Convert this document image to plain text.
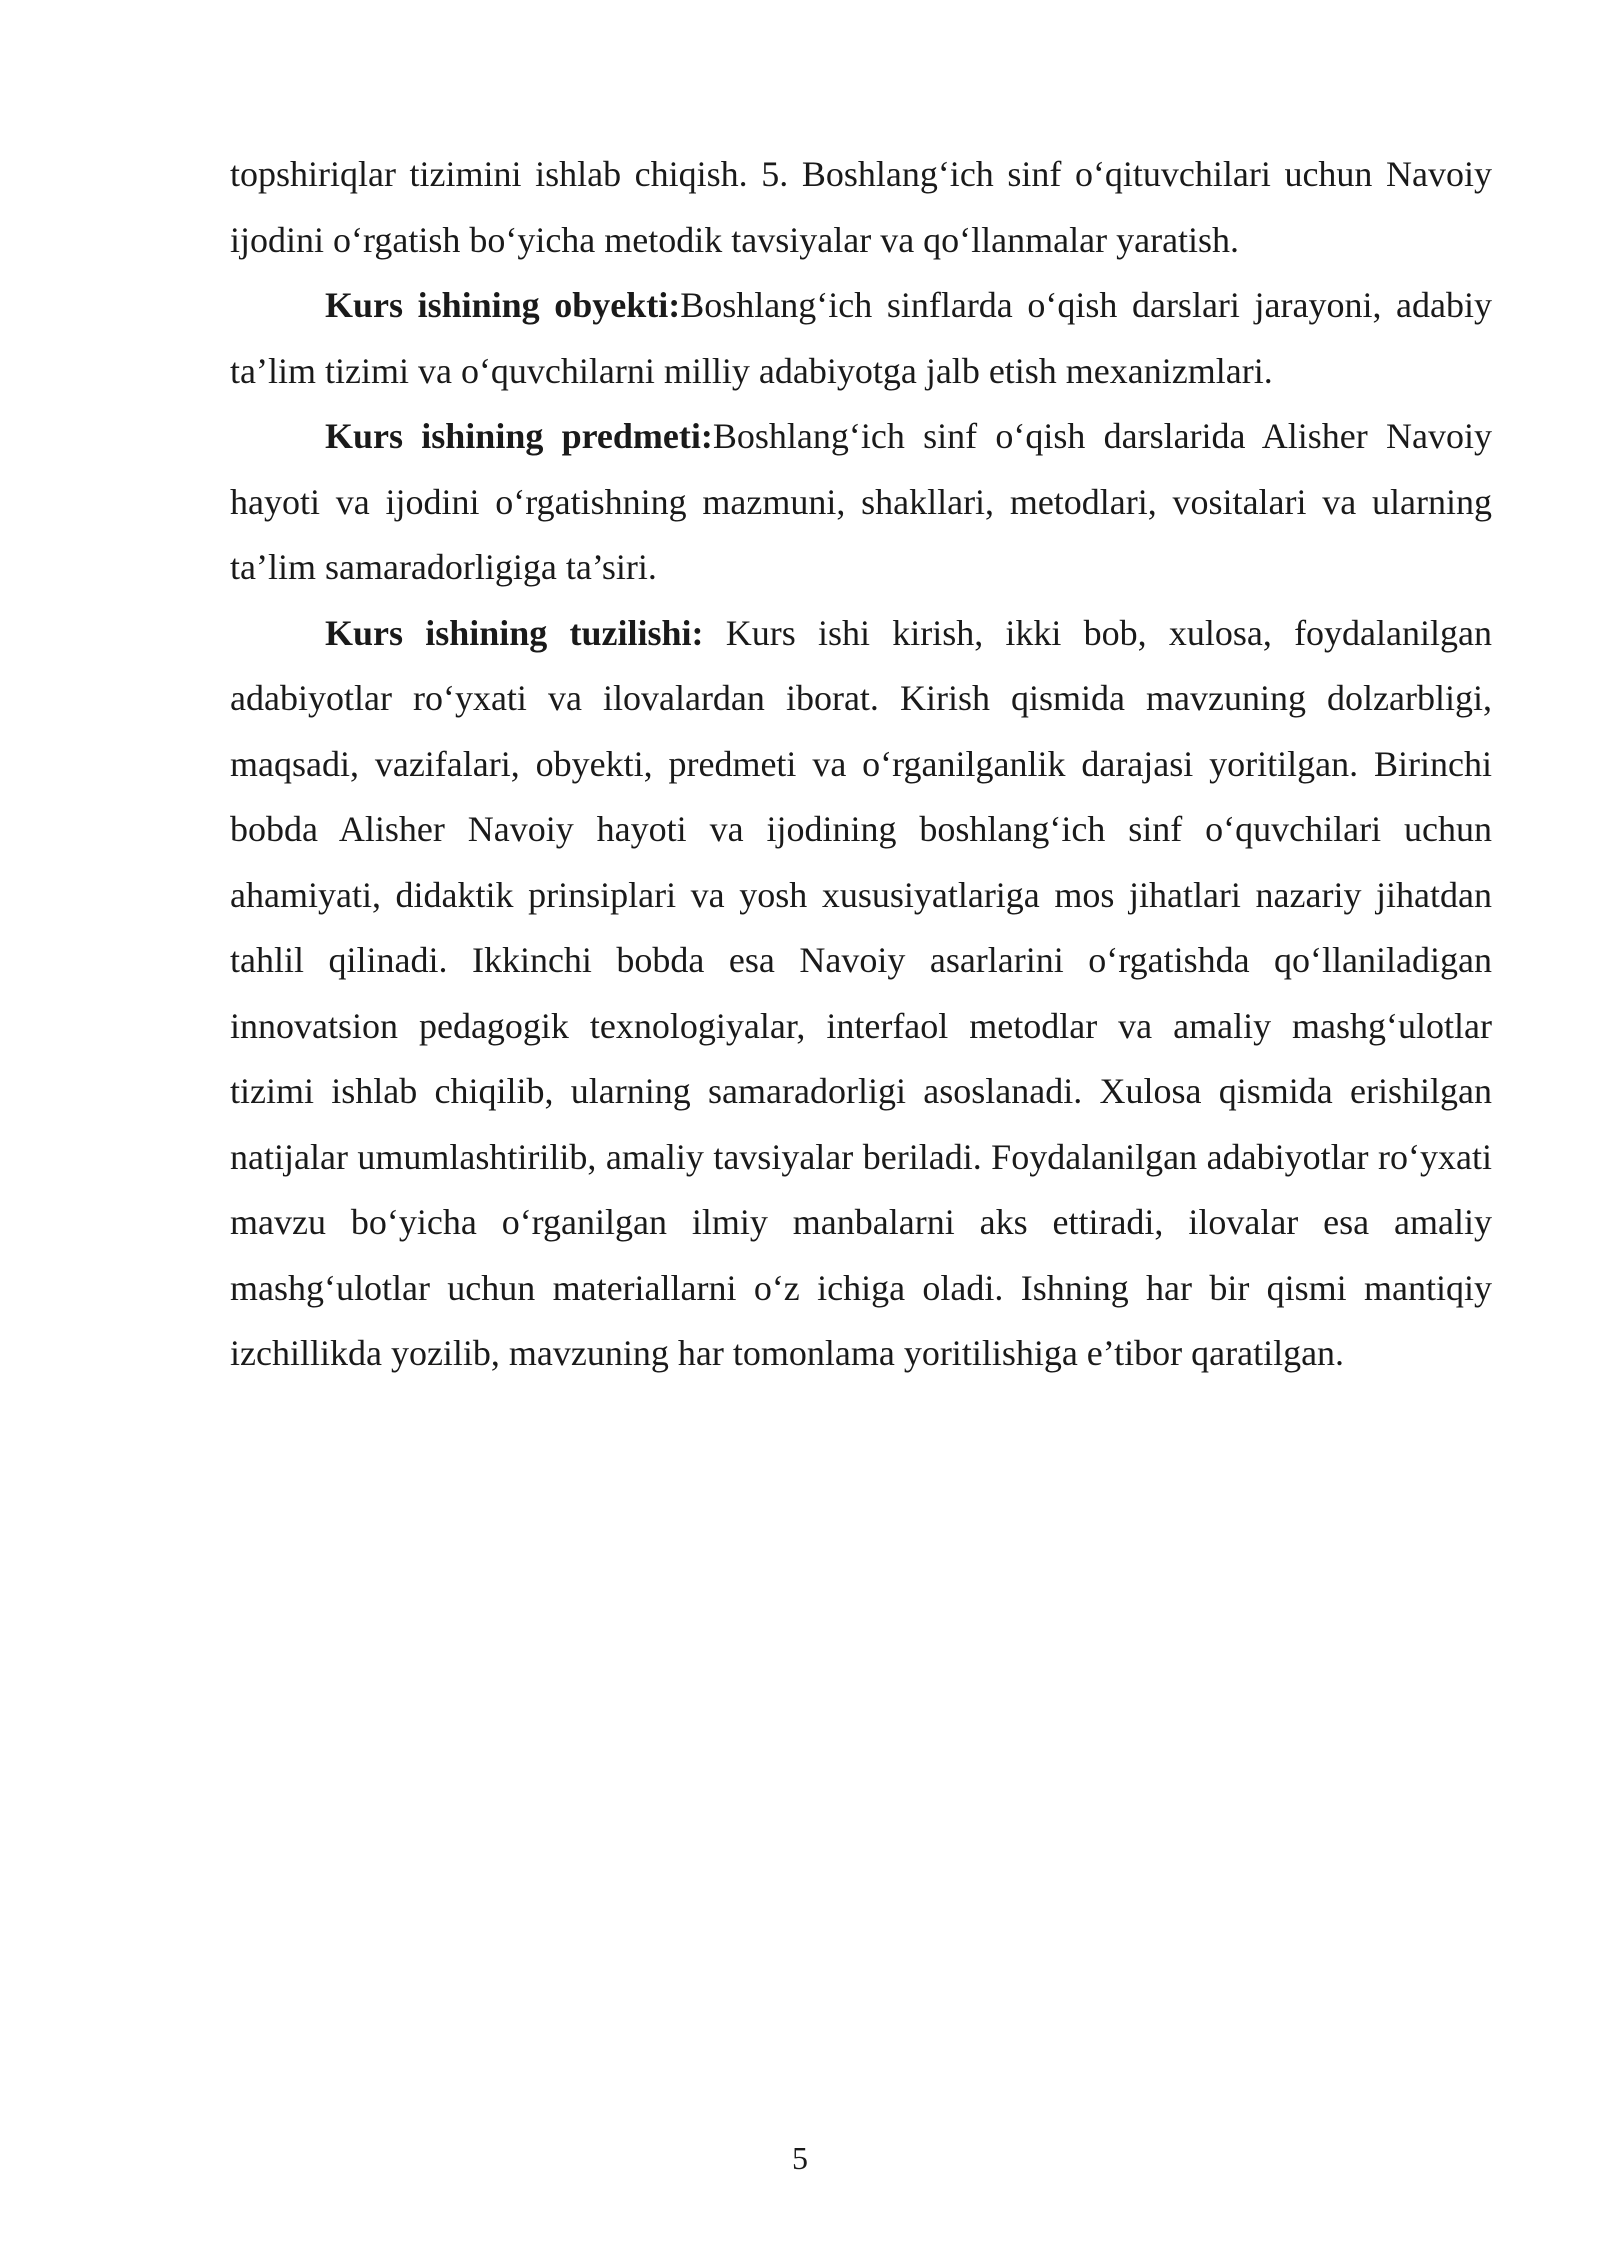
topshiriqlar tizimini ishlab chiqish. 5. Boshlang‘ich sinf o‘qituvchilari uchun Navoiy ijodini o‘rgatish bo‘yicha metodik tavsiyalar va qo‘llanmalar yaratish.

Kurs ishining obyekti:Boshlang‘ich sinflarda o‘qish darslari jarayoni, adabiy ta’lim tizimi va o‘quvchilarni milliy adabiyotga jalb etish mexanizmlari.

Kurs ishining predmeti:Boshlang‘ich sinf o‘qish darslarida Alisher Navoiy hayoti va ijodini o‘rgatishning mazmuni, shakllari, metodlari, vositalari va ularning ta’lim samaradorligiga ta’siri.

Kurs ishining tuzilishi: Kurs ishi kirish, ikki bob, xulosa, foydalanilgan adabiyotlar ro‘yxati va ilovalardan iborat. Kirish qismida mavzuning dolzarbligi, maqsadi, vazifalari, obyekti, predmeti va o‘rganilganlik darajasi yoritilgan. Birinchi bobda Alisher Navoiy hayoti va ijodining boshlang‘ich sinf o‘quvchilari uchun ahamiyati, didaktik prinsiplari va yosh xususiyatlariga mos jihatlari nazariy jihatdan tahlil qilinadi. Ikkinchi bobda esa Navoiy asarlarini o‘rgatishda qo‘llaniladigan innovatsion pedagogik texnologiyalar, interfaol metodlar va amaliy mashg‘ulotlar tizimi ishlab chiqilib, ularning samaradorligi asoslanadi. Xulosa qismida erishilgan natijalar umumlashtirilib, amaliy tavsiyalar beriladi. Foydalanilgan adabiyotlar ro‘yxati mavzu bo‘yicha o‘rganilgan ilmiy manbalarni aks ettiradi, ilovalar esa amaliy mashg‘ulotlar uchun materiallarni o‘z ichiga oladi. Ishning har bir qismi mantiqiy izchillikda yozilib, mavzuning har tomonlama yoritilishiga e’tibor qaratilgan.

5
